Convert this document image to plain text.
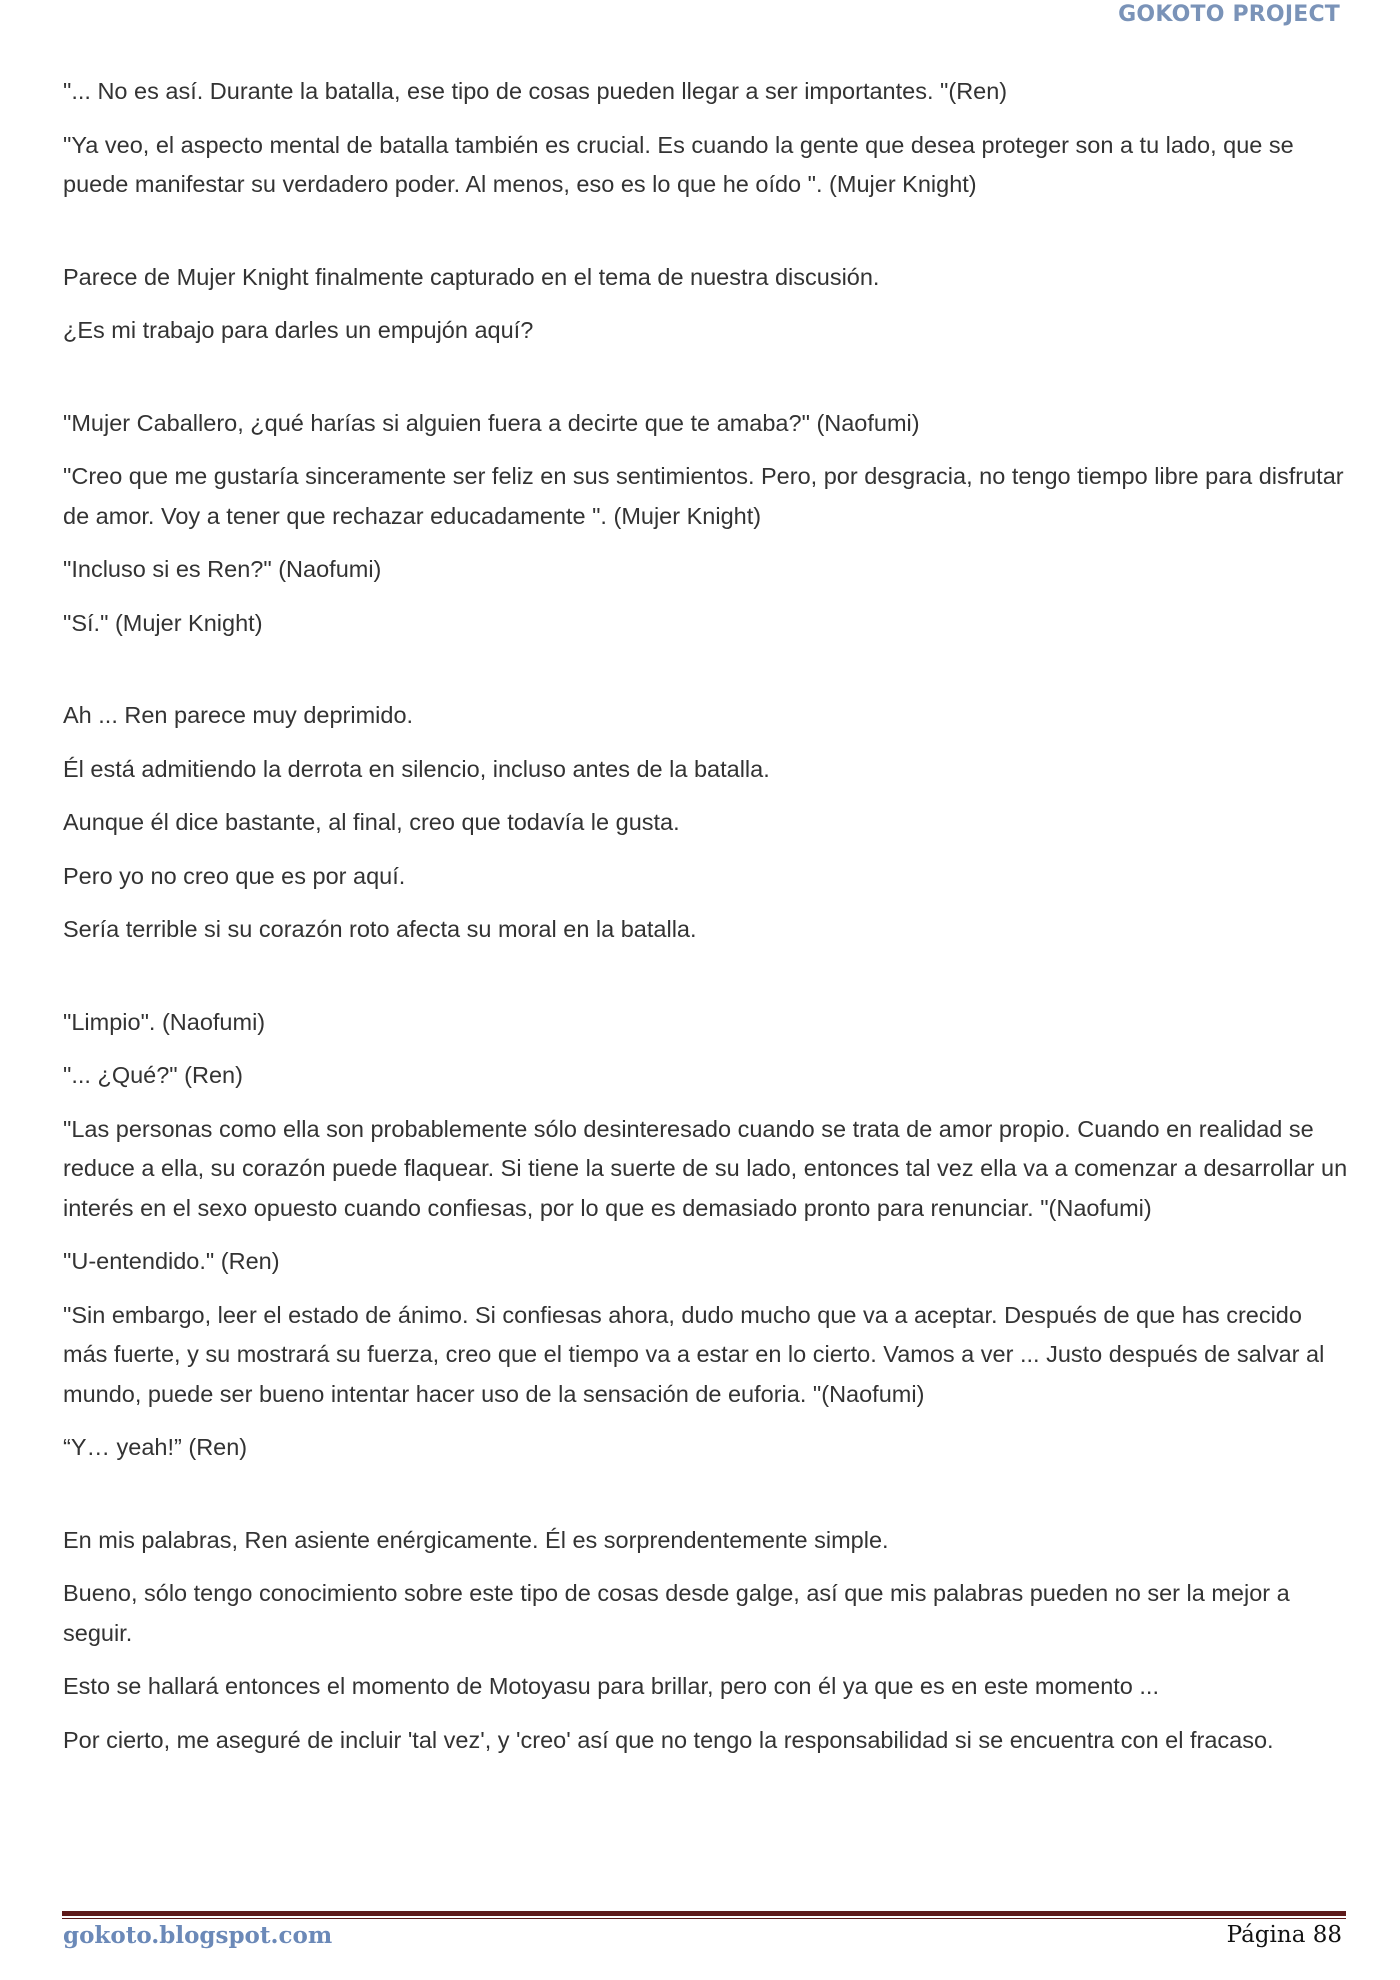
GOKOTO PROJECT
"... No es así. Durante la batalla, ese tipo de cosas pueden llegar a ser importantes. "(Ren)
"Ya veo, el aspecto mental de batalla también es crucial. Es cuando la gente que desea proteger son a tu lado, que se puede manifestar su verdadero poder. Al menos, eso es lo que he oído ". (Mujer Knight)
Parece de Mujer Knight finalmente capturado en el tema de nuestra discusión.
¿Es mi trabajo para darles un empujón aquí?
"Mujer Caballero, ¿qué harías si alguien fuera a decirte que te amaba?" (Naofumi)
"Creo que me gustaría sinceramente ser feliz en sus sentimientos. Pero, por desgracia, no tengo tiempo libre para disfrutar de amor. Voy a tener que rechazar educadamente ". (Mujer Knight)
"Incluso si es Ren?" (Naofumi)
"Sí." (Mujer Knight)
Ah ... Ren parece muy deprimido.
Él está admitiendo la derrota en silencio, incluso antes de la batalla.
Aunque él dice bastante, al final, creo que todavía le gusta.
Pero yo no creo que es por aquí.
Sería terrible si su corazón roto afecta su moral en la batalla.
"Limpio". (Naofumi)
"... ¿Qué?" (Ren)
"Las personas como ella son probablemente sólo desinteresado cuando se trata de amor propio. Cuando en realidad se reduce a ella, su corazón puede flaquear. Si tiene la suerte de su lado, entonces tal vez ella va a comenzar a desarrollar un interés en el sexo opuesto cuando confiesas, por lo que es demasiado pronto para renunciar. "(Naofumi)
"U-entendido." (Ren)
"Sin embargo, leer el estado de ánimo. Si confiesas ahora, dudo mucho que va a aceptar. Después de que has crecido más fuerte, y su mostrará su fuerza, creo que el tiempo va a estar en lo cierto. Vamos a ver ... Justo después de salvar al mundo, puede ser bueno intentar hacer uso de la sensación de euforia. "(Naofumi)
“Y… yeah!” (Ren)
En mis palabras, Ren asiente enérgicamente. Él es sorprendentemente simple.
Bueno, sólo tengo conocimiento sobre este tipo de cosas desde galge, así que mis palabras pueden no ser la mejor a seguir.
Esto se hallará entonces el momento de Motoyasu para brillar, pero con él ya que es en este momento ...
Por cierto, me aseguré de incluir 'tal vez', y 'creo' así que no tengo la responsabilidad si se encuentra con el fracaso.
gokoto.blogspot.com	Página 88
